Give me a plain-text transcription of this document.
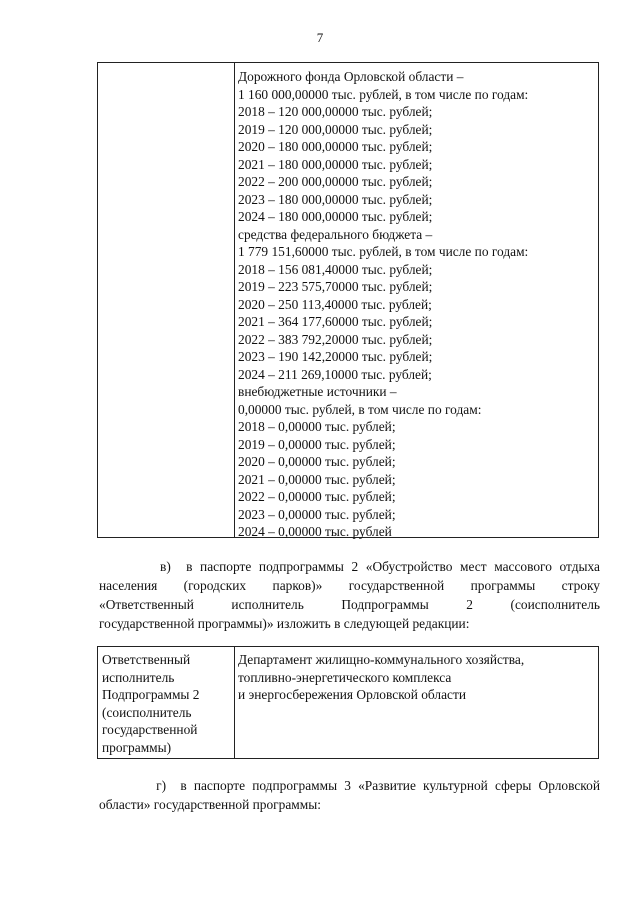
7
Дорожного фонда Орловской области –
1 160 000,00000 тыс. рублей, в том числе по годам:
2018 – 120 000,00000 тыс. рублей;
2019 – 120 000,00000 тыс. рублей;
2020 – 180 000,00000 тыс. рублей;
2021 – 180 000,00000 тыс. рублей;
2022 – 200 000,00000 тыс. рублей;
2023 – 180 000,00000 тыс. рублей;
2024 – 180 000,00000 тыс. рублей;
средства федерального бюджета –
1 779 151,60000 тыс. рублей, в том числе по годам:
2018 – 156 081,40000 тыс. рублей;
2019 – 223 575,70000 тыс. рублей;
2020 – 250 113,40000 тыс. рублей;
2021 – 364 177,60000 тыс. рублей;
2022 – 383 792,20000 тыс. рублей;
2023 – 190 142,20000 тыс. рублей;
2024 – 211 269,10000 тыс. рублей;
внебюджетные источники –
0,00000 тыс. рублей, в том числе по годам:
2018 – 0,00000 тыс. рублей;
2019 – 0,00000 тыс. рублей;
2020 – 0,00000 тыс. рублей;
2021 – 0,00000 тыс. рублей;
2022 – 0,00000 тыс. рублей;
2023 – 0,00000 тыс. рублей;
2024 – 0,00000 тыс. рублей
в)  в паспорте подпрограммы 2 «Обустройство мест массового отдыха
населения (городских парков)» государственной программы строку
«Ответственный исполнитель Подпрограммы 2 (соисполнитель
государственной программы)» изложить в следующей редакции:
Ответственный
исполнитель
Подпрограммы 2
(соисполнитель
государственной
программы)
Департамент жилищно-коммунального хозяйства,
топливно-энергетического комплекса
и энергосбережения Орловской области
г)  в паспорте подпрограммы 3 «Развитие культурной сферы Орловской
области» государственной программы:
